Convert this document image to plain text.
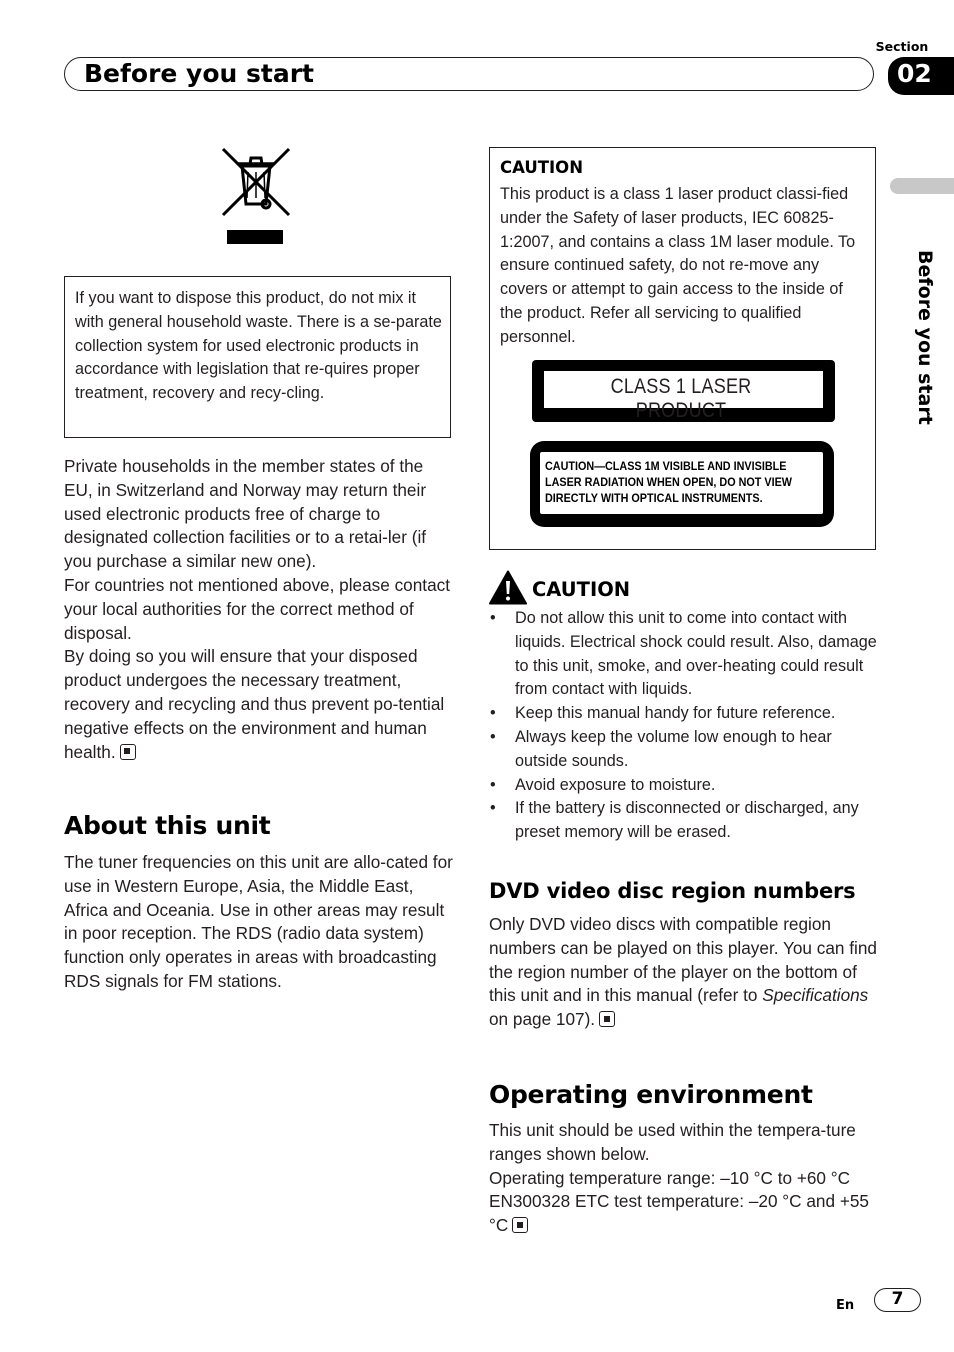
Before you start
Section
02
Before you start
If you want to dispose this product, do not mix it with general household waste. There is a se-parate collection system for used electronic products in accordance with legislation that re-quires proper treatment, recovery and recy-cling.
Private households in the member states of the EU, in Switzerland and Norway may return their used electronic products free of charge to designated collection facilities or to a retai-ler (if you purchase a similar new one).
For countries not mentioned above, please contact your local authorities for the correct method of disposal.
By doing so you will ensure that your disposed product undergoes the necessary treatment, recovery and recycling and thus prevent po-tential negative effects on the environment and human health.
About this unit
The tuner frequencies on this unit are allo-cated for use in Western Europe, Asia, the Middle East, Africa and Oceania. Use in other areas may result in poor reception. The RDS (radio data system) function only operates in areas with broadcasting RDS signals for FM stations.
CAUTION
This product is a class 1 laser product classi-fied under the Safety of laser products, IEC 60825-1:2007, and contains a class 1M laser module. To ensure continued safety, do not re-move any covers or attempt to gain access to the inside of the product. Refer all servicing to qualified personnel.
CLASS 1 LASER PRODUCT
CAUTION—CLASS 1M VISIBLE AND INVISIBLE LASER RADIATION WHEN OPEN, DO NOT VIEW DIRECTLY WITH OPTICAL INSTRUMENTS.
CAUTION
• Do not allow this unit to come into contact with liquids. Electrical shock could result. Also, damage to this unit, smoke, and over-heating could result from contact with liquids.
• Keep this manual handy for future reference.
• Always keep the volume low enough to hear outside sounds.
• Avoid exposure to moisture.
• If the battery is disconnected or discharged, any preset memory will be erased.
DVD video disc region numbers
Only DVD video discs with compatible region numbers can be played on this player. You can find the region number of the player on the bottom of this unit and in this manual (refer to Specifications on page 107).
Operating environment
This unit should be used within the tempera-ture ranges shown below.
Operating temperature range: –10 °C to +60 °C
EN300328 ETC test temperature: –20 °C and +55 °C
En	7
